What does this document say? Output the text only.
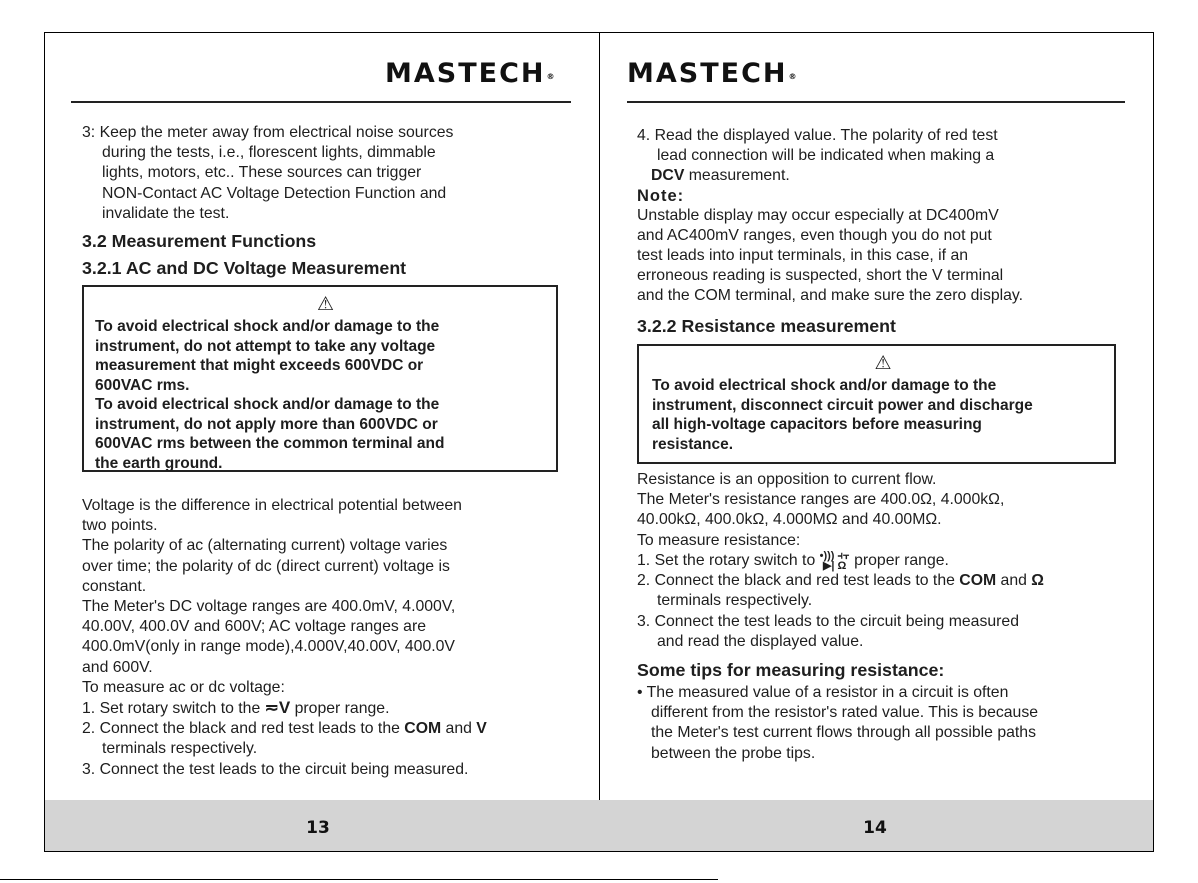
13	14
MASTECH®	MASTECH®

3: Keep the meter away from electrical noise sources

during the tests, i.e., florescent lights, dimmable

lights, motors, etc.. These sources can trigger

NON-Contact AC Voltage Detection Function and

invalidate the test.

3.2 Measurement Functions
3.2.1 AC and DC Voltage Measurement
⚠

To avoid electrical shock and/or damage to the

instrument, do not attempt to take any voltage

measurement that might exceeds 600VDC or

600VAC rms.

To avoid electrical shock and/or damage to the

instrument, do not apply more than 600VDC or

600VAC rms between the common terminal and

the earth ground.

Voltage is the difference in electrical potential between

two points.

The polarity of ac (alternating current) voltage varies

over time; the polarity of dc (direct current) voltage is

constant.

The Meter's DC voltage ranges are 400.0mV, 4.000V,

40.00V, 400.0V and 600V; AC voltage ranges are

400.0mV(only in range mode),4.000V,40.00V, 400.0V

and 600V.

To measure ac or dc voltage:

1. Set rotary switch to the ≂V proper range.

2. Connect the black and red test leads to the COM and V

terminals respectively.

3. Connect the test leads to the circuit being measured.

4. Read the displayed value. The polarity of red test

lead connection will be indicated when making a

DCV measurement.

Note:

Unstable display may occur especially at DC400mV

and AC400mV ranges, even though you do not put

test leads into input terminals, in this case, if an

erroneous reading is suspected, short the V terminal

and the COM terminal, and make sure the zero display.

3.2.2 Resistance measurement
⚠

To avoid electrical shock and/or damage to the

instrument, disconnect circuit power and discharge

all high-voltage capacitors before measuring

resistance.

Resistance is an opposition to current flow.

The Meter's resistance ranges are 400.0Ω, 4.000kΩ,

40.00kΩ, 400.0kΩ, 4.000MΩ and 40.00MΩ.

To measure resistance:

1. Set the rotary switch to •))) ⫞⫟
▶| Ω proper range.

2. Connect the black and red test leads to the COM and Ω

terminals respectively.

3. Connect the test leads to the circuit being measured

and read the displayed value.

Some tips for measuring resistance:

• The measured value of a resistor in a circuit is often

different from the resistor's rated value. This is because

the Meter's test current flows through all possible paths

between the probe tips.
